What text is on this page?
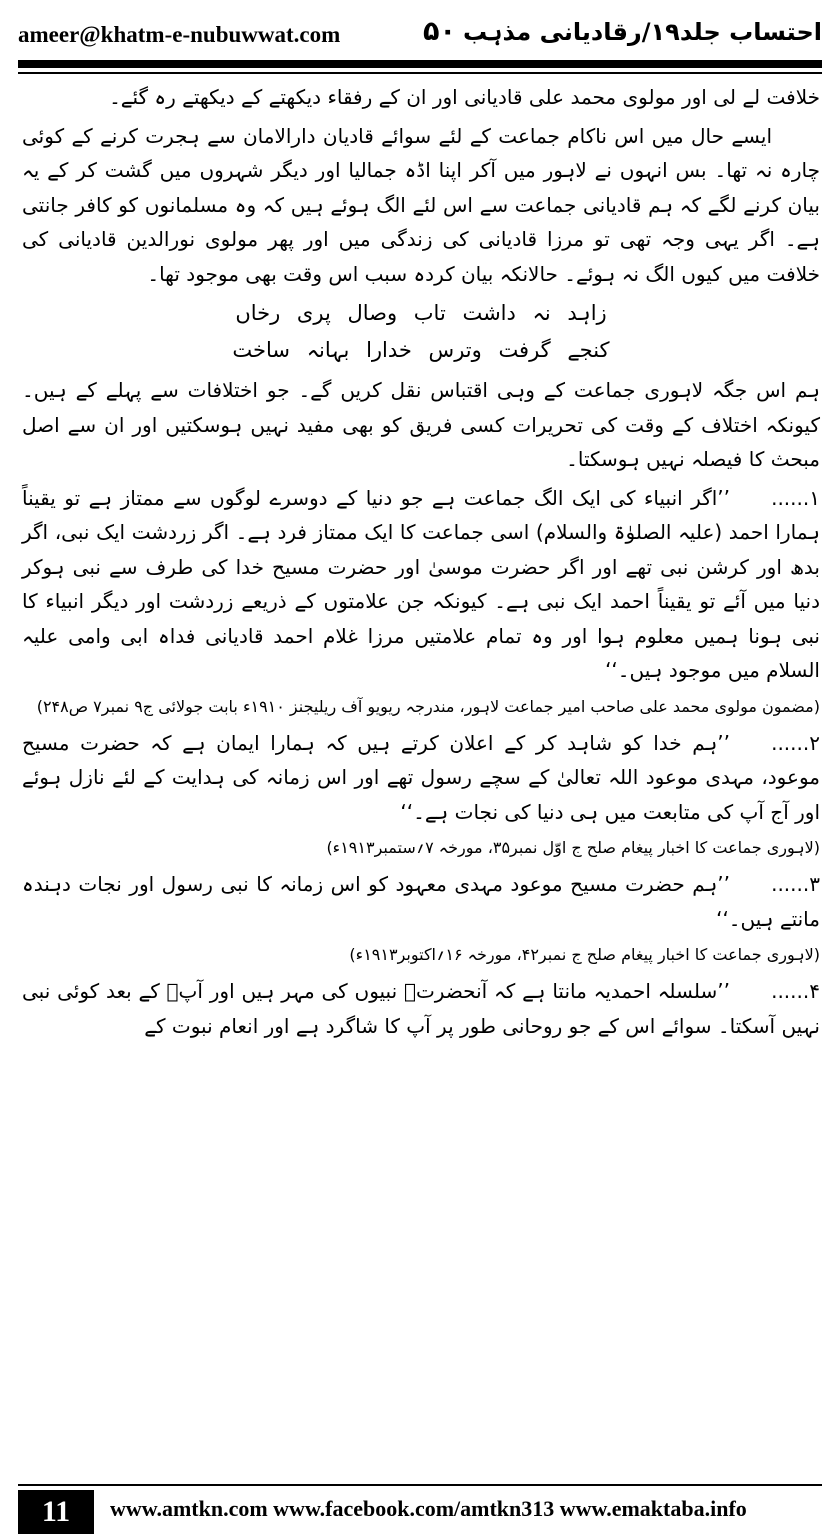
ameer@khatm-e-nubuwwat.com	۵۰ احتساب جلد۱۹/رقادیانی مذہب

خلافت لے لی اور مولوی محمد علی قادیانی اور ان کے رفقاء دیکھتے کے دیکھتے رہ گئے۔

ایسے حال میں اس ناکام جماعت کے لئے سوائے قادیان دارالامان سے ہجرت کرنے کے کوئی چارہ نہ تھا۔ بس انہوں نے لاہور میں آکر اپنا اڈہ جمالیا اور دیگر شہروں میں گشت کر کے یہ بیان کرنے لگے کہ ہم قادیانی جماعت سے اس لئے الگ ہوئے ہیں کہ وہ مسلمانوں کو کافر جانتی ہے۔ اگر یہی وجہ تھی تو مرزا قادیانی کی زندگی میں اور پھر مولوی نورالدین قادیانی کی خلافت میں کیوں الگ نہ ہوئے۔ حالانکہ بیان کردہ سبب اس وقت بھی موجود تھا۔

زاہد نہ داشت تاب وصال پری رخاں
کنجے گرفت وترس خدارا بہانہ ساخت

ہم اس جگہ لاہوری جماعت کے وہی اقتباس نقل کریں گے۔ جو اختلافات سے پہلے کے ہیں۔ کیونکہ اختلاف کے وقت کی تحریرات کسی فریق کو بھی مفید نہیں ہوسکتیں اور ان سے اصل مبحث کا فیصلہ نہیں ہوسکتا۔

۱......’’اگر انبیاء کی ایک الگ جماعت ہے جو دنیا کے دوسرے لوگوں سے ممتاز ہے تو یقیناً ہمارا احمد (علیہ الصلوٰۃ والسلام) اسی جماعت کا ایک ممتاز فرد ہے۔ اگر زردشت ایک نبی، اگر بدھ اور کرشن نبی تھے اور اگر حضرت موسیٰ اور حضرت مسیح خدا کی طرف سے نبی ہوکر دنیا میں آئے تو یقیناً احمد ایک نبی ہے۔ کیونکہ جن علامتوں کے ذریعے زردشت اور دیگر انبیاء کا نبی ہونا ہمیں معلوم ہوا اور وہ تمام علامتیں مرزا غلام احمد قادیانی فداہ ابی وامی علیہ السلام میں موجود ہیں۔‘‘

(مضمون مولوی محمد علی صاحب امیر جماعت لاہور، مندرجہ ریویو آف ریلیجنز ۱۹۱۰ء بابت جولائی ج۹ نمبر۷ ص۲۴۸)

۲......’’ہم خدا کو شاہد کر کے اعلان کرتے ہیں کہ ہمارا ایمان ہے کہ حضرت مسیح موعود، مہدی موعود اللہ تعالیٰ کے سچے رسول تھے اور اس زمانہ کی ہدایت کے لئے نازل ہوئے اور آج آپ کی متابعت میں ہی دنیا کی نجات ہے۔‘‘

(لاہوری جماعت کا اخبار پیغام صلح ج اوّل نمبر۳۵، مورخہ ۷؍ستمبر۱۹۱۳ء)

۳......’’ہم حضرت مسیح موعود مہدی معہود کو اس زمانہ کا نبی رسول اور نجات دہندہ مانتے ہیں۔‘‘

(لاہوری جماعت کا اخبار پیغام صلح ج نمبر۴۲، مورخہ ۱۶؍اکتوبر۱۹۱۳ء)

۴......’’سلسلہ احمدیہ مانتا ہے کہ آنحضرتﷺ نبیوں کی مہر ہیں اور آپؐ کے بعد کوئی نبی نہیں آسکتا۔ سوائے اس کے جو روحانی طور پر آپ کا شاگرد ہے اور انعام نبوت کے

11	www.amtkn.com www.facebook.com/amtkn313 www.emaktaba.info
